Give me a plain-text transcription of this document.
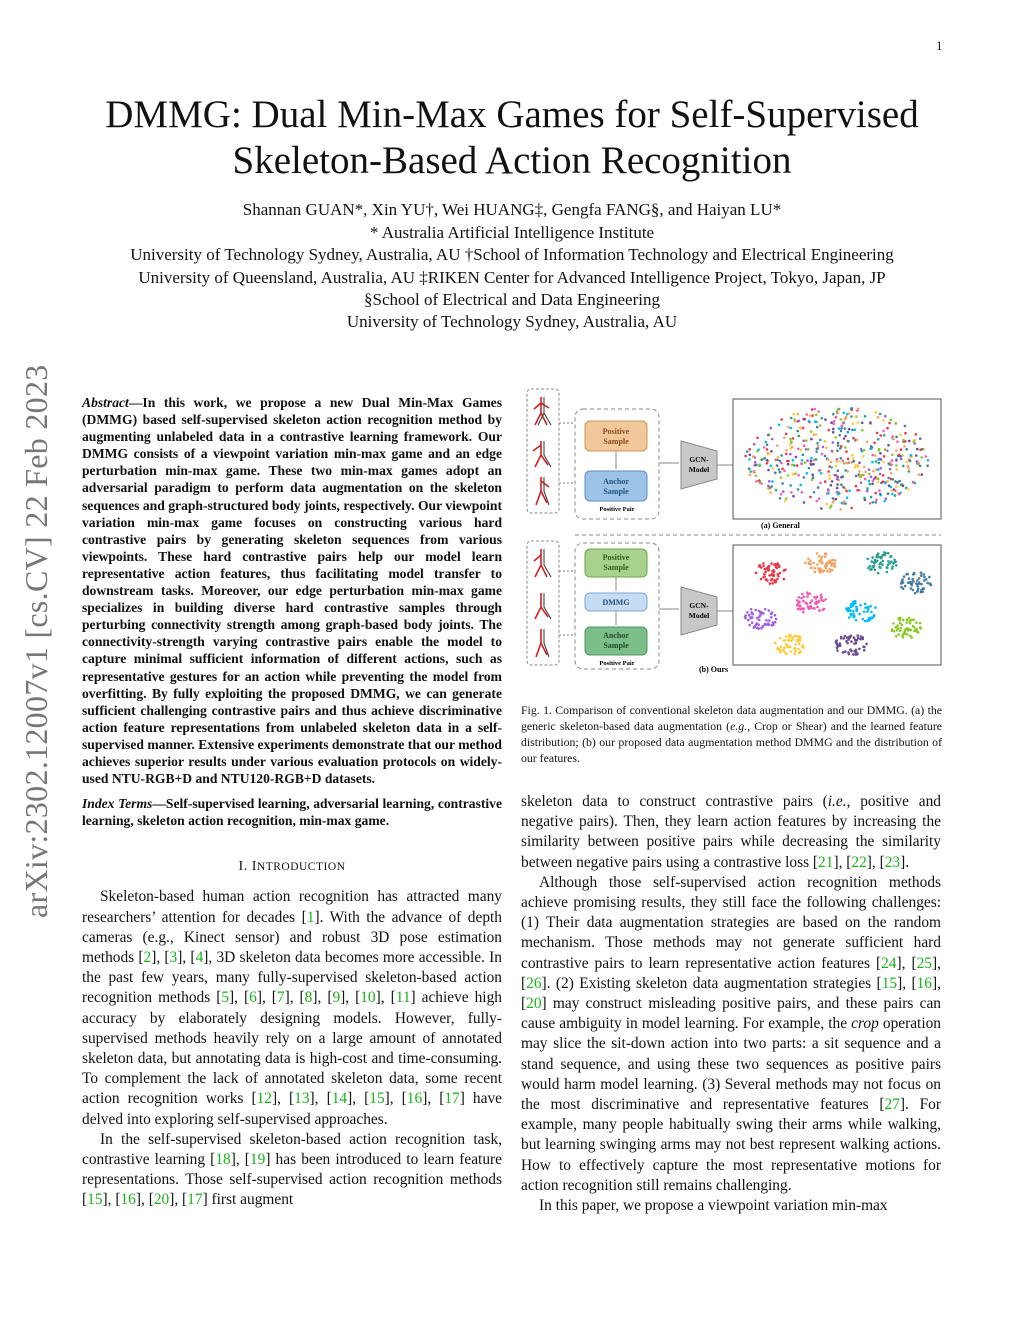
1
DMMG: Dual Min-Max Games for Self-Supervised
Skeleton-Based Action Recognition
Shannan GUAN*, Xin YU†, Wei HUANG‡, Gengfa FANG§, and Haiyan LU*
* Australia Artificial Intelligence Institute
University of Technology Sydney, Australia, AU †School of Information Technology and Electrical Engineering
University of Queensland, Australia, AU ‡RIKEN Center for Advanced Intelligence Project, Tokyo, Japan, JP
§School of Electrical and Data Engineering
University of Technology Sydney, Australia, AU
arXiv:2302.12007v1 [cs.CV] 22 Feb 2023 Abstract—In this work, we propose a new Dual Min-Max Games (DMMG) based self-supervised skeleton action recognition method by augmenting unlabeled data in a contrastive learning framework. Our DMMG consists of a viewpoint variation min-max game and an edge perturbation min-max game. These two min-max games adopt an adversarial paradigm to perform data augmentation on the skeleton sequences and graph-structured body joints, respectively. Our viewpoint variation min-max game focuses on constructing various hard contrastive pairs by generating skeleton sequences from various viewpoints. These hard contrastive pairs help our model learn representative action features, thus facilitating model transfer to downstream tasks. Moreover, our edge perturbation min-max game specializes in building diverse hard contrastive samples through perturbing connectivity strength among graph-based body joints. The connectivity-strength varying contrastive pairs enable the model to capture minimal sufficient information of different actions, such as representative gestures for an action while preventing the model from overfitting. By fully exploiting the proposed DMMG, we can generate sufficient challenging contrastive pairs and thus achieve discriminative action feature representations from unlabeled skeleton data in a self-supervised manner. Extensive experiments demonstrate that our method achieves superior results under various evaluation protocols on widely-used NTU-RGB+D and NTU120-RGB+D datasets.
Index Terms—Self-supervised learning, adversarial learning, contrastive learning, skeleton action recognition, min-max game.
I. INTRODUCTION

Skeleton-based human action recognition has attracted many researchers’ attention for decades [1]. With the advance of depth cameras (e.g., Kinect sensor) and robust 3D pose estimation methods [2], [3], [4], 3D skeleton data becomes more accessible. In the past few years, many fully-supervised skeleton-based action recognition methods [5], [6], [7], [8], [9], [10], [11] achieve high accuracy by elaborately designing models. However, fully-supervised methods heavily rely on a large amount of annotated skeleton data, but annotating data is high-cost and time-consuming. To complement the lack of annotated skeleton data, some recent action recognition works [12], [13], [14], [15], [16], [17] have delved into exploring self-supervised approaches.

In the self-supervised skeleton-based action recognition task, contrastive learning [18], [19] has been introduced to learn feature representations. Those self-supervised action recognition methods [15], [16], [20], [17] first augment

Positive Sample
Anchor Sample
Positive Pair
GCN-Model
(a) General
Positive Sample
DMMG
Anchor Sample
Positive Pair
GCN-Model
(b) Ours
Fig. 1. Comparison of conventional skeleton data augmentation and our DMMG. (a) the generic skeleton-based data augmentation (e.g., Crop or Shear) and the learned feature distribution; (b) our proposed data augmentation method DMMG and the distribution of our features.

skeleton data to construct contrastive pairs (i.e., positive and negative pairs). Then, they learn action features by increasing the similarity between positive pairs while decreasing the similarity between negative pairs using a contrastive loss [21], [22], [23].

Although those self-supervised action recognition methods achieve promising results, they still face the following challenges: (1) Their data augmentation strategies are based on the random mechanism. Those methods may not generate sufficient hard contrastive pairs to learn representative action features [24], [25], [26]. (2) Existing skeleton data augmentation strategies [15], [16], [20] may construct misleading positive pairs, and these pairs can cause ambiguity in model learning. For example, the crop operation may slice the sit-down action into two parts: a sit sequence and a stand sequence, and using these two sequences as positive pairs would harm model learning. (3) Several methods may not focus on the most discriminative and representative features [27]. For example, many people habitually swing their arms while walking, but learning swinging arms may not best represent walking actions. How to effectively capture the most representative motions for action recognition still remains challenging.

In this paper, we propose a viewpoint variation min-max
